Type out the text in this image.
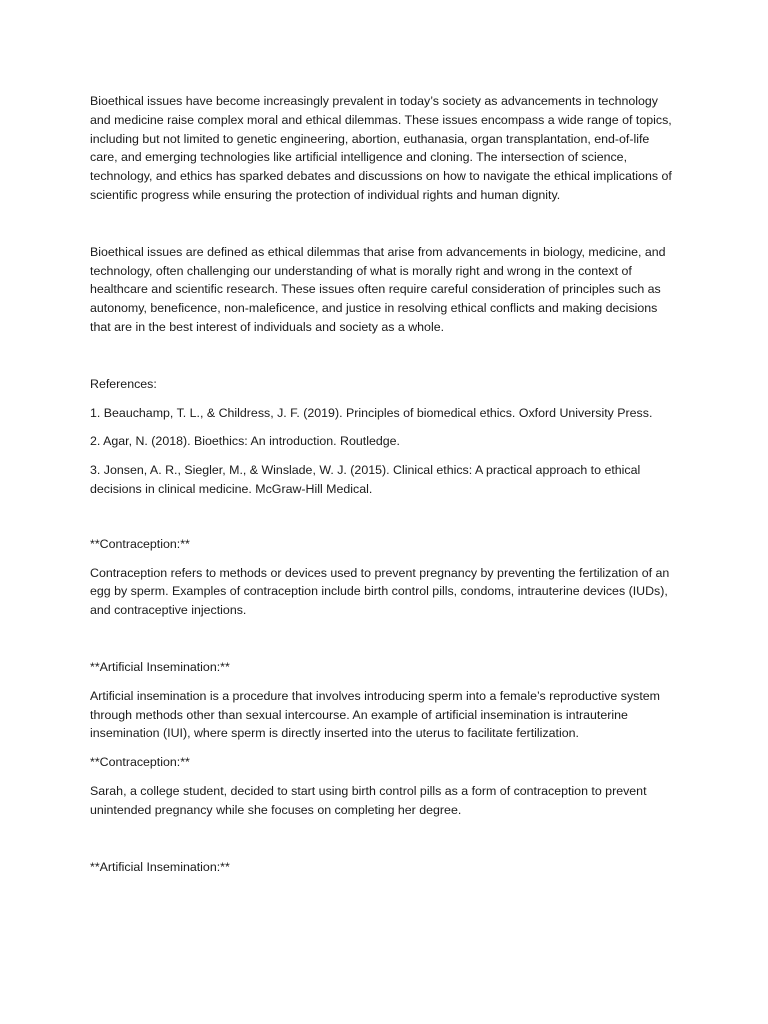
Bioethical issues have become increasingly prevalent in today’s society as advancements in technology and medicine raise complex moral and ethical dilemmas. These issues encompass a wide range of topics, including but not limited to genetic engineering, abortion, euthanasia, organ transplantation, end-of-life care, and emerging technologies like artificial intelligence and cloning. The intersection of science, technology, and ethics has sparked debates and discussions on how to navigate the ethical implications of scientific progress while ensuring the protection of individual rights and human dignity.

Bioethical issues are defined as ethical dilemmas that arise from advancements in biology, medicine, and technology, often challenging our understanding of what is morally right and wrong in the context of healthcare and scientific research. These issues often require careful consideration of principles such as autonomy, beneficence, non-maleficence, and justice in resolving ethical conflicts and making decisions that are in the best interest of individuals and society as a whole.

References:

1. Beauchamp, T. L., & Childress, J. F. (2019). Principles of biomedical ethics. Oxford University Press.

2. Agar, N. (2018). Bioethics: An introduction. Routledge.

3. Jonsen, A. R., Siegler, M., & Winslade, W. J. (2015). Clinical ethics: A practical approach to ethical decisions in clinical medicine. McGraw-Hill Medical.

**Contraception:**

Contraception refers to methods or devices used to prevent pregnancy by preventing the fertilization of an egg by sperm. Examples of contraception include birth control pills, condoms, intrauterine devices (IUDs), and contraceptive injections.

**Artificial Insemination:**

Artificial insemination is a procedure that involves introducing sperm into a female’s reproductive system through methods other than sexual intercourse. An example of artificial insemination is intrauterine insemination (IUI), where sperm is directly inserted into the uterus to facilitate fertilization.

**Contraception:**

Sarah, a college student, decided to start using birth control pills as a form of contraception to prevent unintended pregnancy while she focuses on completing her degree.

**Artificial Insemination:**
